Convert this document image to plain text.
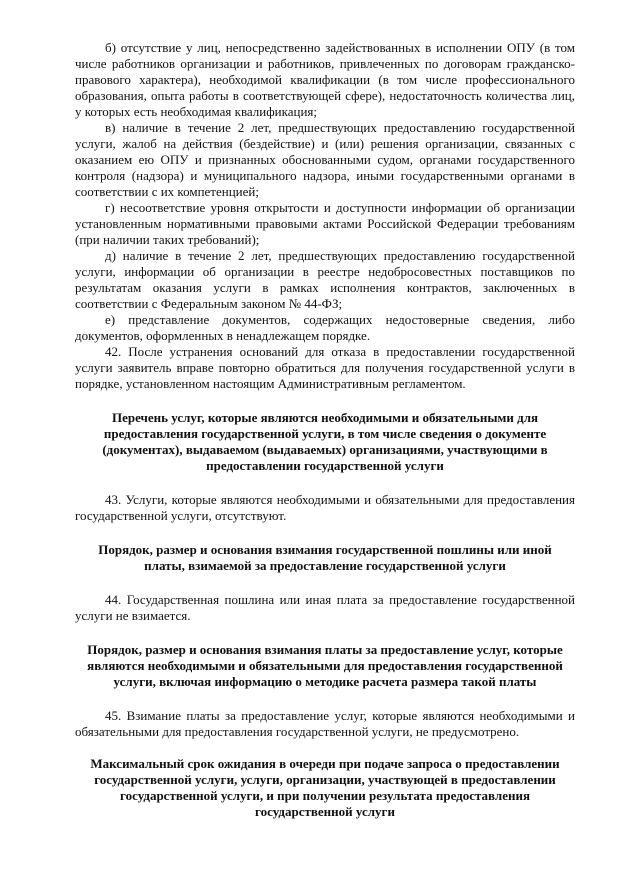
б) отсутствие у лиц, непосредственно задействованных в исполнении ОПУ (в том числе работников организации и работников, привлеченных по договорам гражданско-правового характера), необходимой квалификации (в том числе профессионального образования, опыта работы в соответствующей сфере), недостаточность количества лиц, у которых есть необходимая квалификация;

в) наличие в течение 2 лет, предшествующих предоставлению государственной услуги, жалоб на действия (бездействие) и (или) решения организации, связанных с оказанием ею ОПУ и признанных обоснованными судом, органами государственного контроля (надзора) и муниципального надзора, иными государственными органами в соответствии с их компетенцией;

г) несоответствие уровня открытости и доступности информации об организации установленным нормативными правовыми актами Российской Федерации требованиям (при наличии таких требований);

д) наличие в течение 2 лет, предшествующих предоставлению государственной услуги, информации об организации в реестре недобросовестных поставщиков по результатам оказания услуги в рамках исполнения контрактов, заключенных в соответствии с Федеральным законом № 44-ФЗ;

е) представление документов, содержащих недостоверные сведения, либо документов, оформленных в ненадлежащем порядке.

42. После устранения оснований для отказа в предоставлении государственной услуги заявитель вправе повторно обратиться для получения государственной услуги в порядке, установленном настоящим Административным регламентом.

Перечень услуг, которые являются необходимыми и обязательными для предоставления государственной услуги, в том числе сведения о документе (документах), выдаваемом (выдаваемых) организациями, участвующими в предоставлении государственной услуги

43. Услуги, которые являются необходимыми и обязательными для предоставления государственной услуги, отсутствуют.

Порядок, размер и основания взимания государственной пошлины или иной платы, взимаемой за предоставление государственной услуги

44. Государственная пошлина или иная плата за предоставление государственной услуги не взимается.

Порядок, размер и основания взимания платы за предоставление услуг, которые являются необходимыми и обязательными для предоставления государственной услуги, включая информацию о методике расчета размера такой платы

45. Взимание платы за предоставление услуг, которые являются необходимыми и обязательными для предоставления государственной услуги, не предусмотрено.

Максимальный срок ожидания в очереди при подаче запроса о предоставлении государственной услуги, услуги, организации, участвующей в предоставлении государственной услуги, и при получении результата предоставления государственной услуги
